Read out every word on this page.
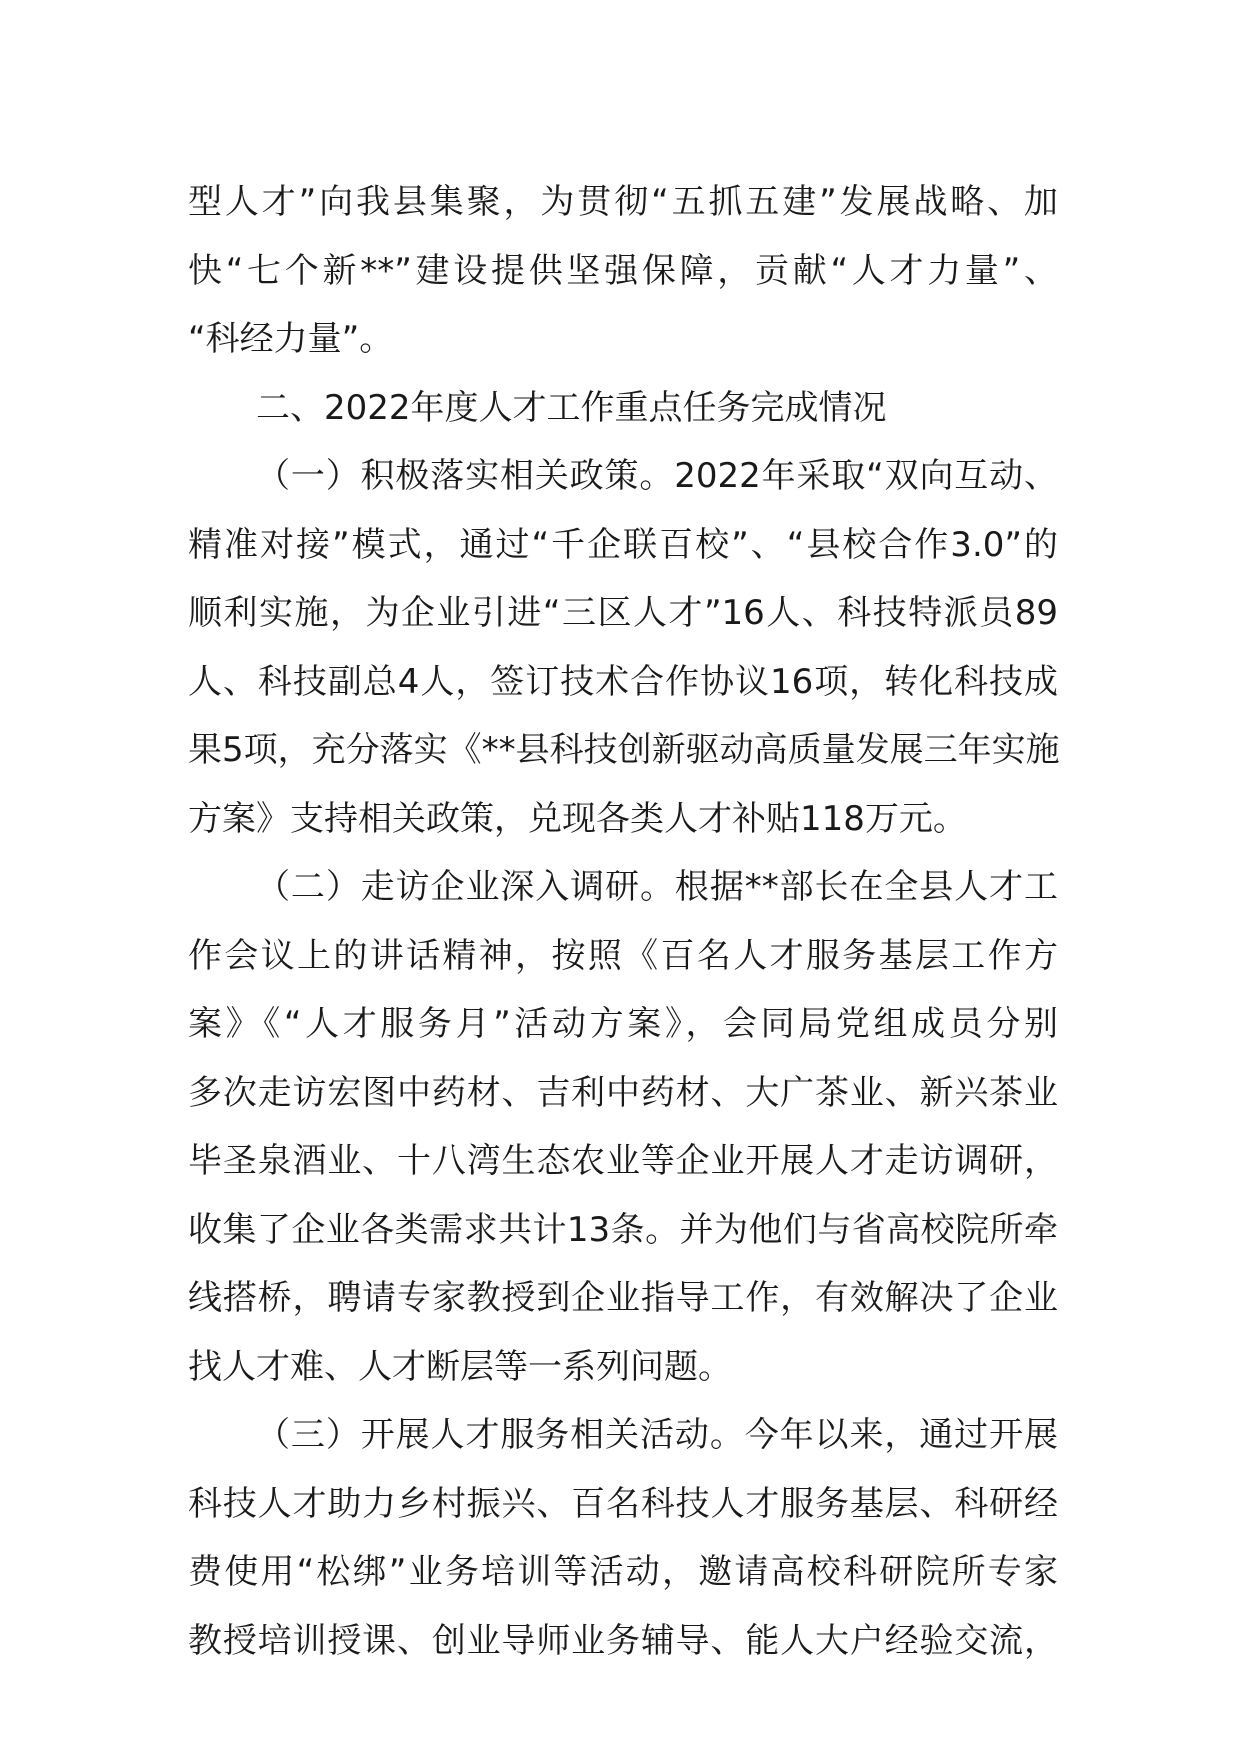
型人才”向我县集聚，为贯彻“五抓五建”发展战略、加
快“七个新**”建设提供坚强保障，贡献“人才力量”、
“科经力量”。
二、2022年度人才工作重点任务完成情况
（一）积极落实相关政策。2022年采取“双向互动、
精准对接”模式，通过“千企联百校”、“县校合作3.0”的
顺利实施，为企业引进“三区人才”16人、科技特派员89
人、科技副总4人，签订技术合作协议16项，转化科技成
果5项，充分落实《**县科技创新驱动高质量发展三年实施
方案》支持相关政策，兑现各类人才补贴118万元。
（二）走访企业深入调研。根据**部长在全县人才工
作会议上的讲话精神，按照《百名人才服务基层工作方
案》《“人才服务月”活动方案》，会同局党组成员分别
多次走访宏图中药材、吉利中药材、大广茶业、新兴茶业
毕圣泉酒业、十八湾生态农业等企业开展人才走访调研，
收集了企业各类需求共计13条。并为他们与省高校院所牵
线搭桥，聘请专家教授到企业指导工作，有效解决了企业
找人才难、人才断层等一系列问题。
（三）开展人才服务相关活动。今年以来，通过开展
科技人才助力乡村振兴、百名科技人才服务基层、科研经
费使用“松绑”业务培训等活动，邀请高校科研院所专家
教授培训授课、创业导师业务辅导、能人大户经验交流，
